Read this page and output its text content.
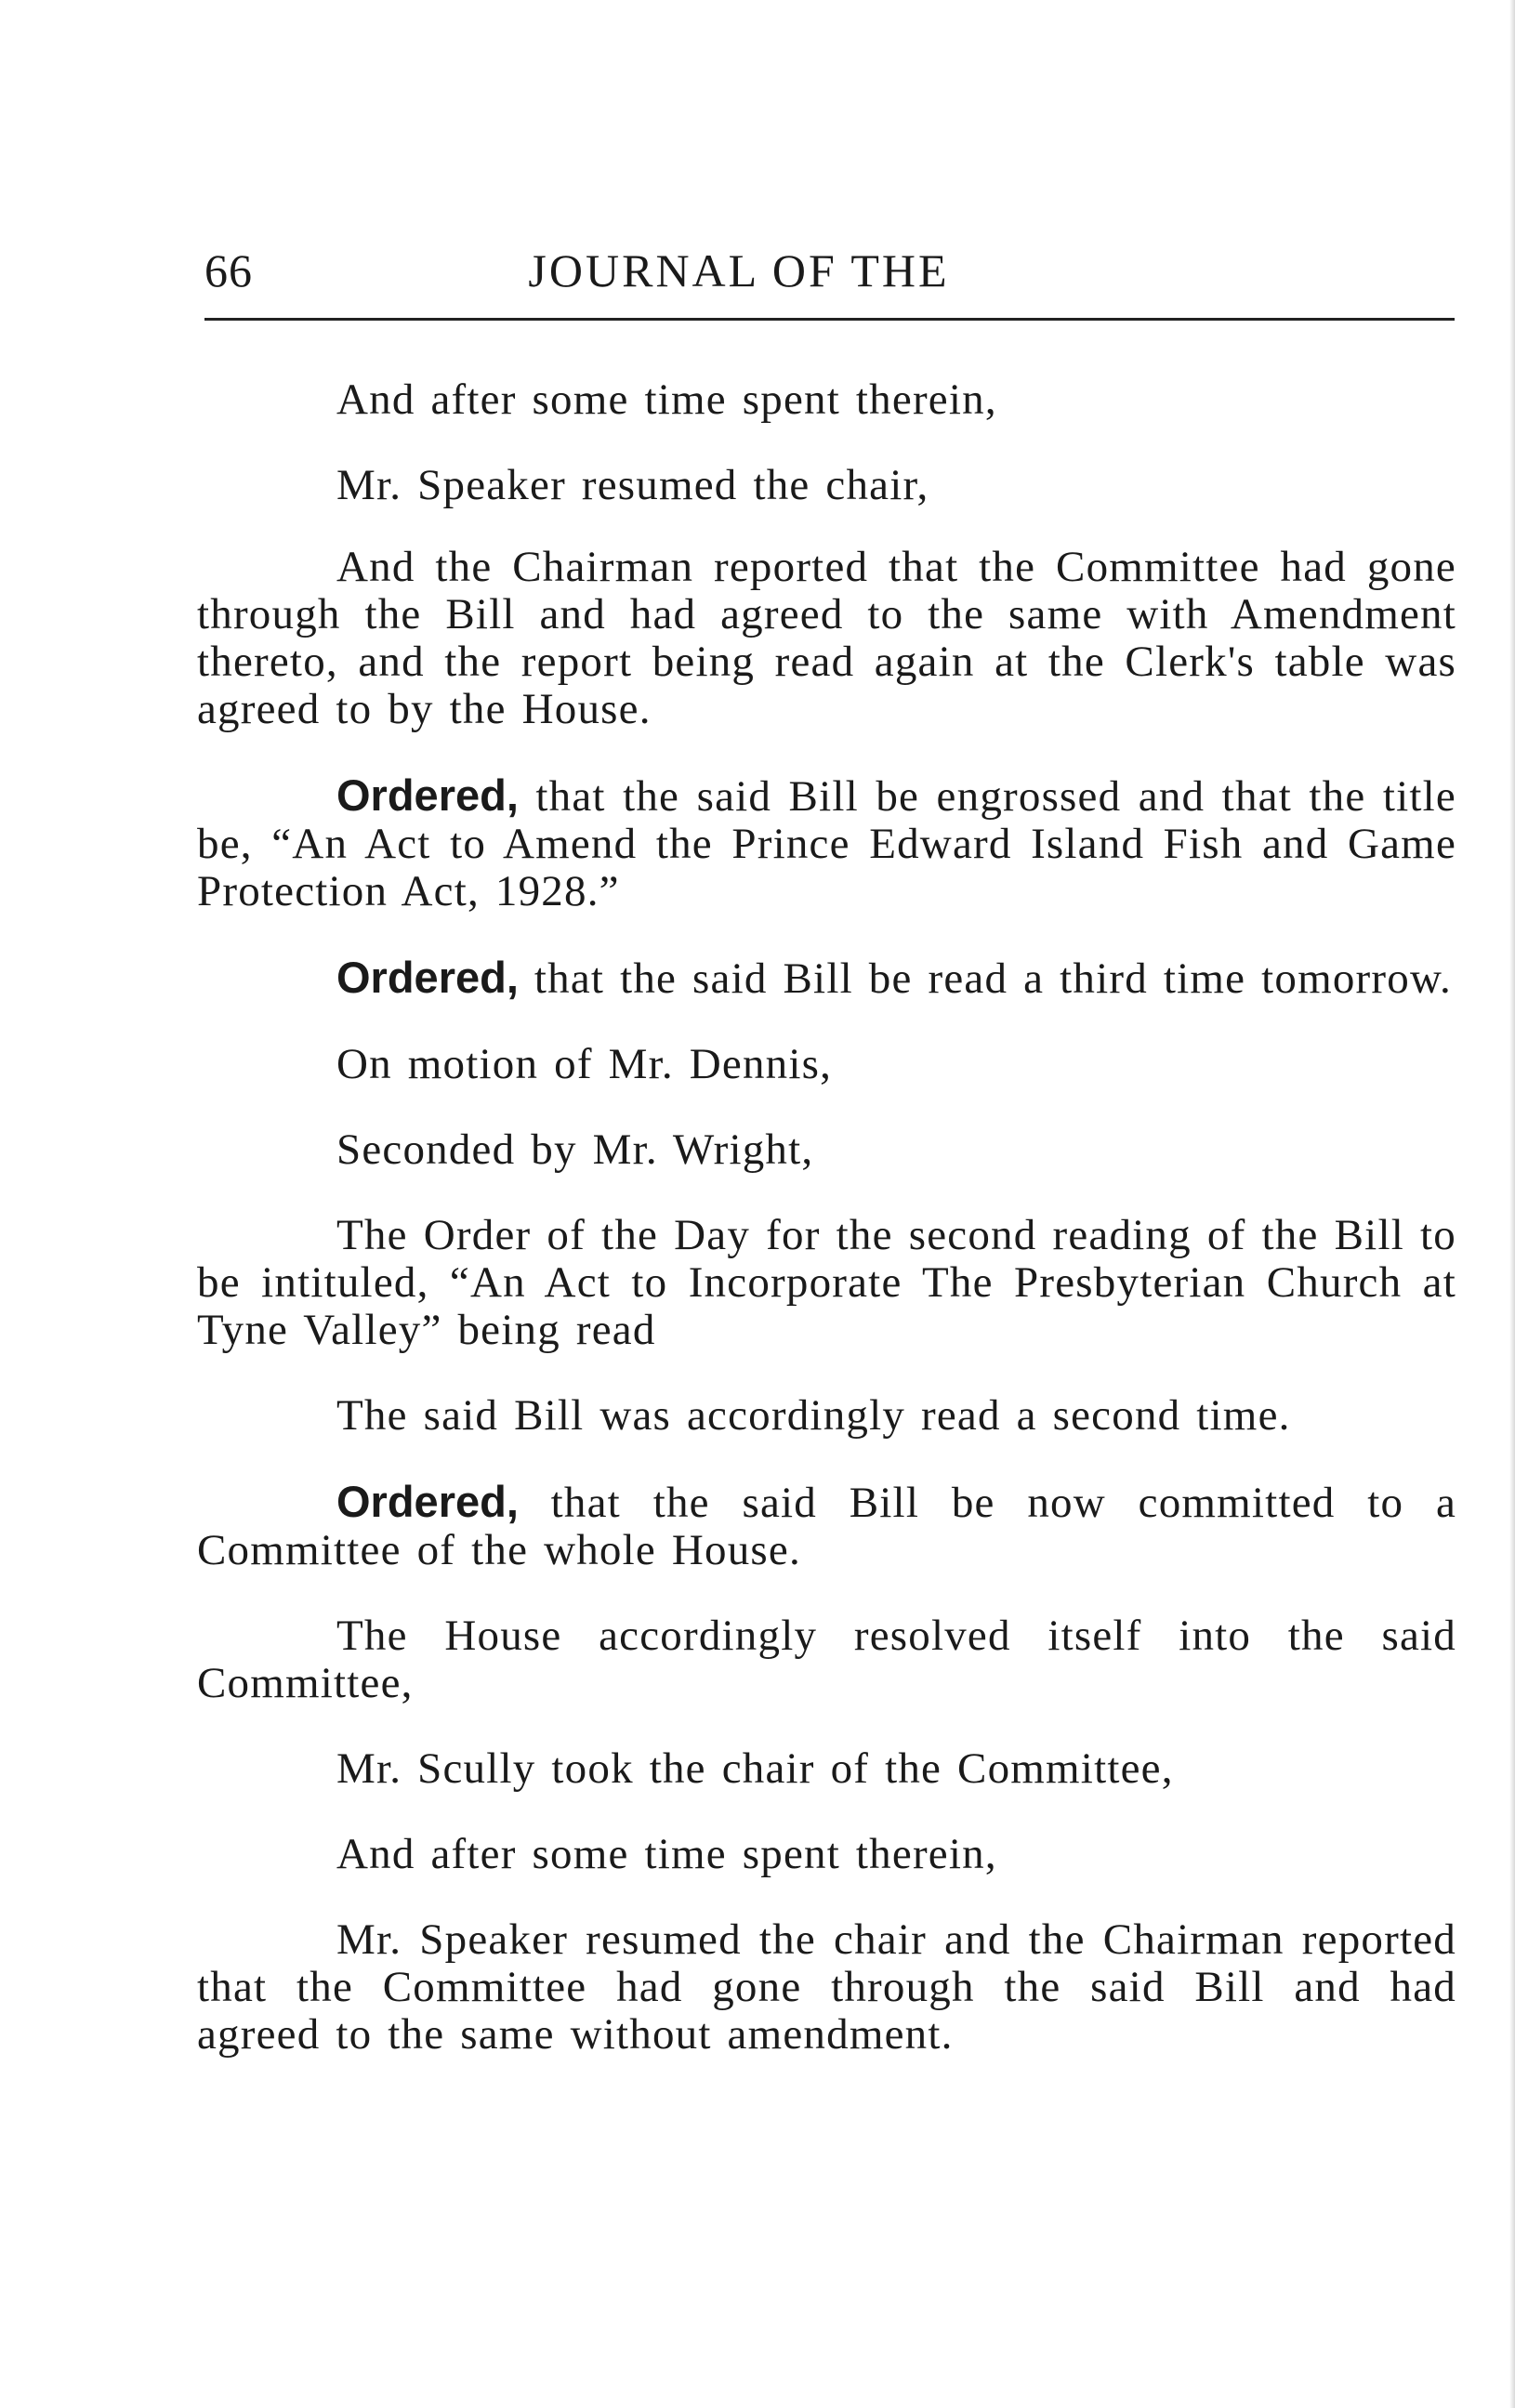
66	JOURNAL OF THE

And after some time spent therein,

Mr. Speaker resumed the chair,

And the Chairman reported that the Committee had gone through the Bill and had agreed to the same with Amendment thereto, and the report being read again at the Clerk's table was agreed to by the House.

Ordered, that the said Bill be engrossed and that the title be, “An Act to Amend the Prince Edward Island Fish and Game Protection Act, 1928.”

Ordered, that the said Bill be read a third time tomorrow.

On motion of Mr. Dennis,

Seconded by Mr. Wright,

The Order of the Day for the second reading of the Bill to be intituled, “An Act to Incorporate The Presbyterian Church at Tyne Valley” being read

The said Bill was accordingly read a second time.

Ordered, that the said Bill be now committed to a Committee of the whole House.

The House accordingly resolved itself into the said Committee,

Mr. Scully took the chair of the Committee,

And after some time spent therein,

Mr. Speaker resumed the chair and the Chairman reported that the Committee had gone through the said Bill and had agreed to the same without amendment.
